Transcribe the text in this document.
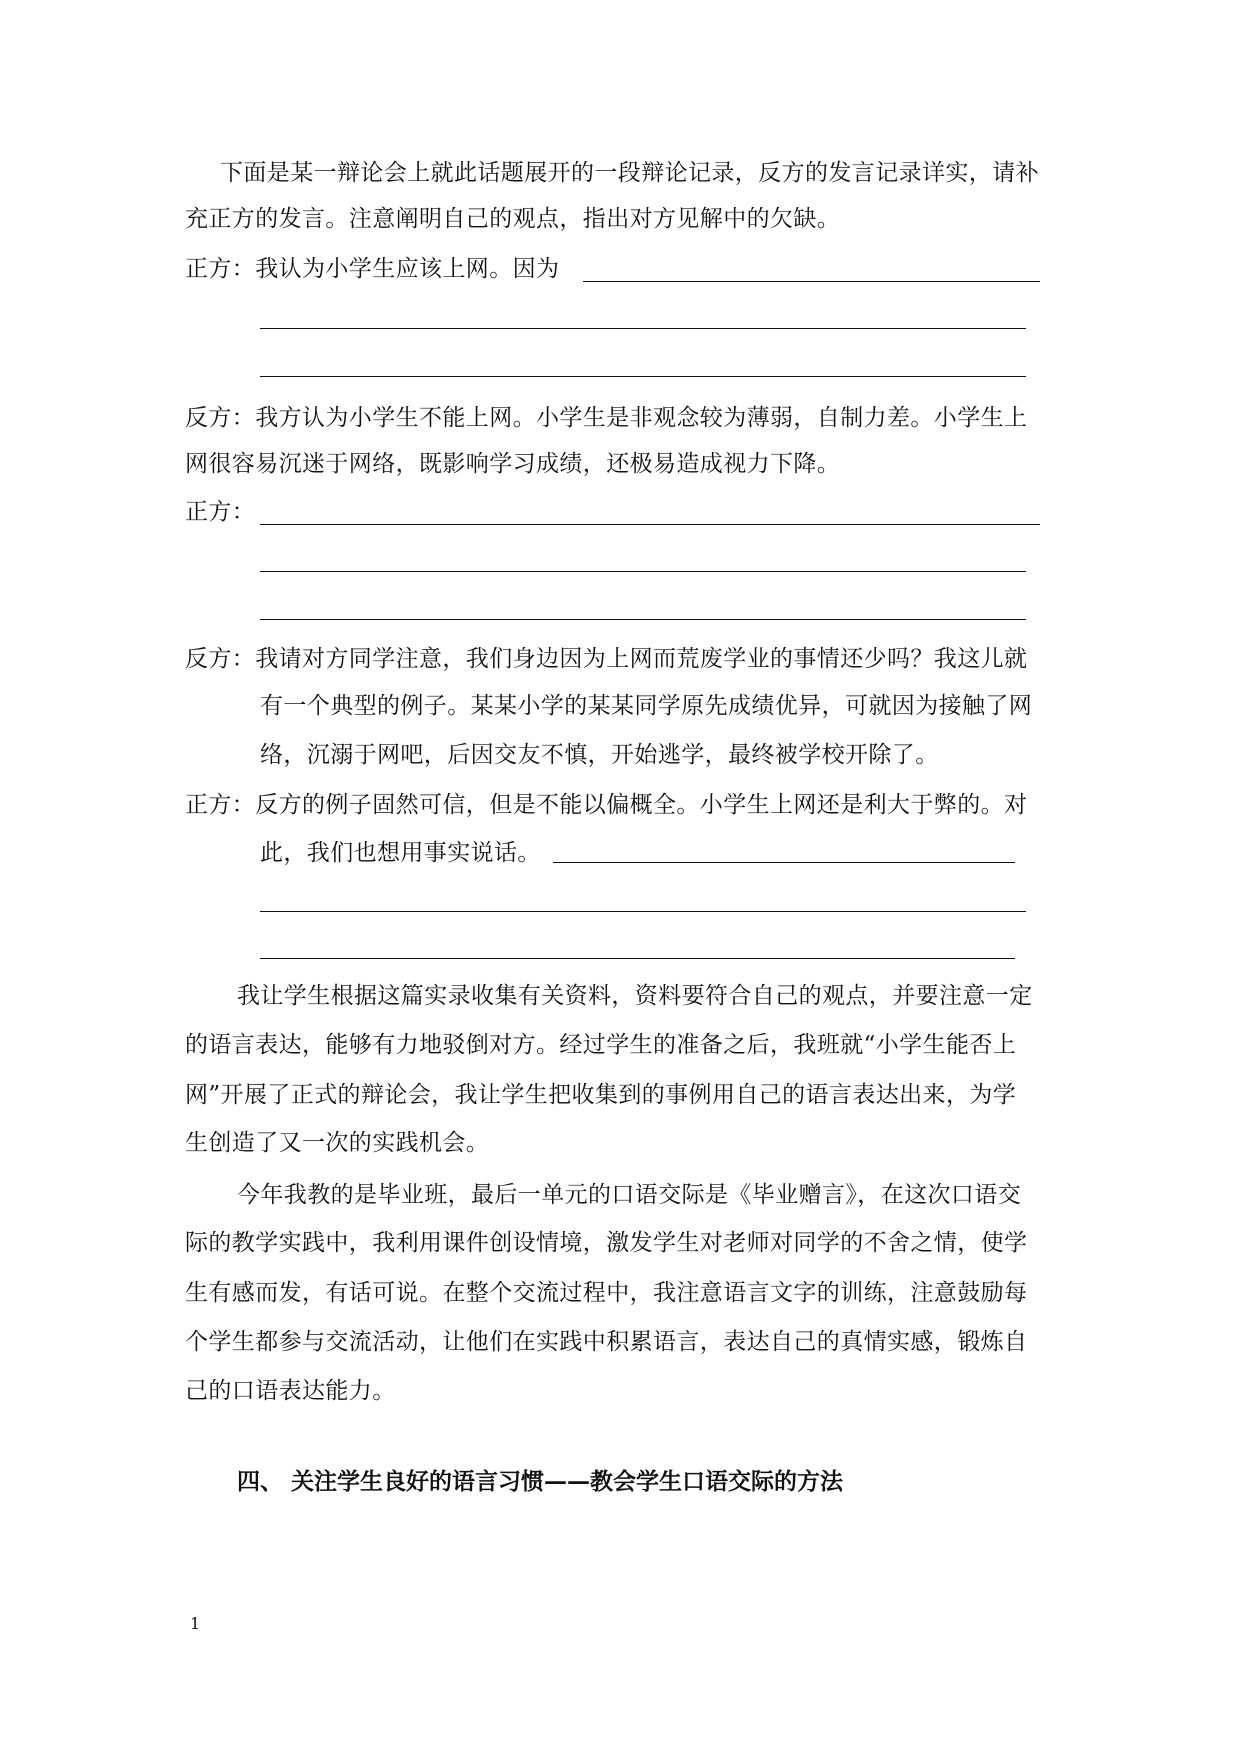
下面是某一辩论会上就此话题展开的一段辩论记录，反方的发言记录详实，请补
充正方的发言。注意阐明自己的观点，指出对方见解中的欠缺。
正方：我认为小学生应该上网。因为
反方：我方认为小学生不能上网。小学生是非观念较为薄弱，自制力差。小学生上
网很容易沉迷于网络，既影响学习成绩，还极易造成视力下降。
正方：
反方：我请对方同学注意，我们身边因为上网而荒废学业的事情还少吗？我这儿就
有一个典型的例子。某某小学的某某同学原先成绩优异，可就因为接触了网
络，沉溺于网吧，后因交友不慎，开始逃学，最终被学校开除了。
正方：反方的例子固然可信，但是不能以偏概全。小学生上网还是利大于弊的。对
此，我们也想用事实说话。
我让学生根据这篇实录收集有关资料，资料要符合自己的观点，并要注意一定
的语言表达，能够有力地驳倒对方。经过学生的准备之后，我班就“小学生能否上
网”开展了正式的辩论会，我让学生把收集到的事例用自己的语言表达出来，为学
生创造了又一次的实践机会。
今年我教的是毕业班，最后一单元的口语交际是《毕业赠言》，在这次口语交
际的教学实践中，我利用课件创设情境，激发学生对老师对同学的不舍之情，使学
生有感而发，有话可说。在整个交流过程中，我注意语言文字的训练，注意鼓励每
个学生都参与交流活动，让他们在实践中积累语言，表达自己的真情实感，锻炼自
己的口语表达能力。
四、 关注学生良好的语言习惯——教会学生口语交际的方法
1
